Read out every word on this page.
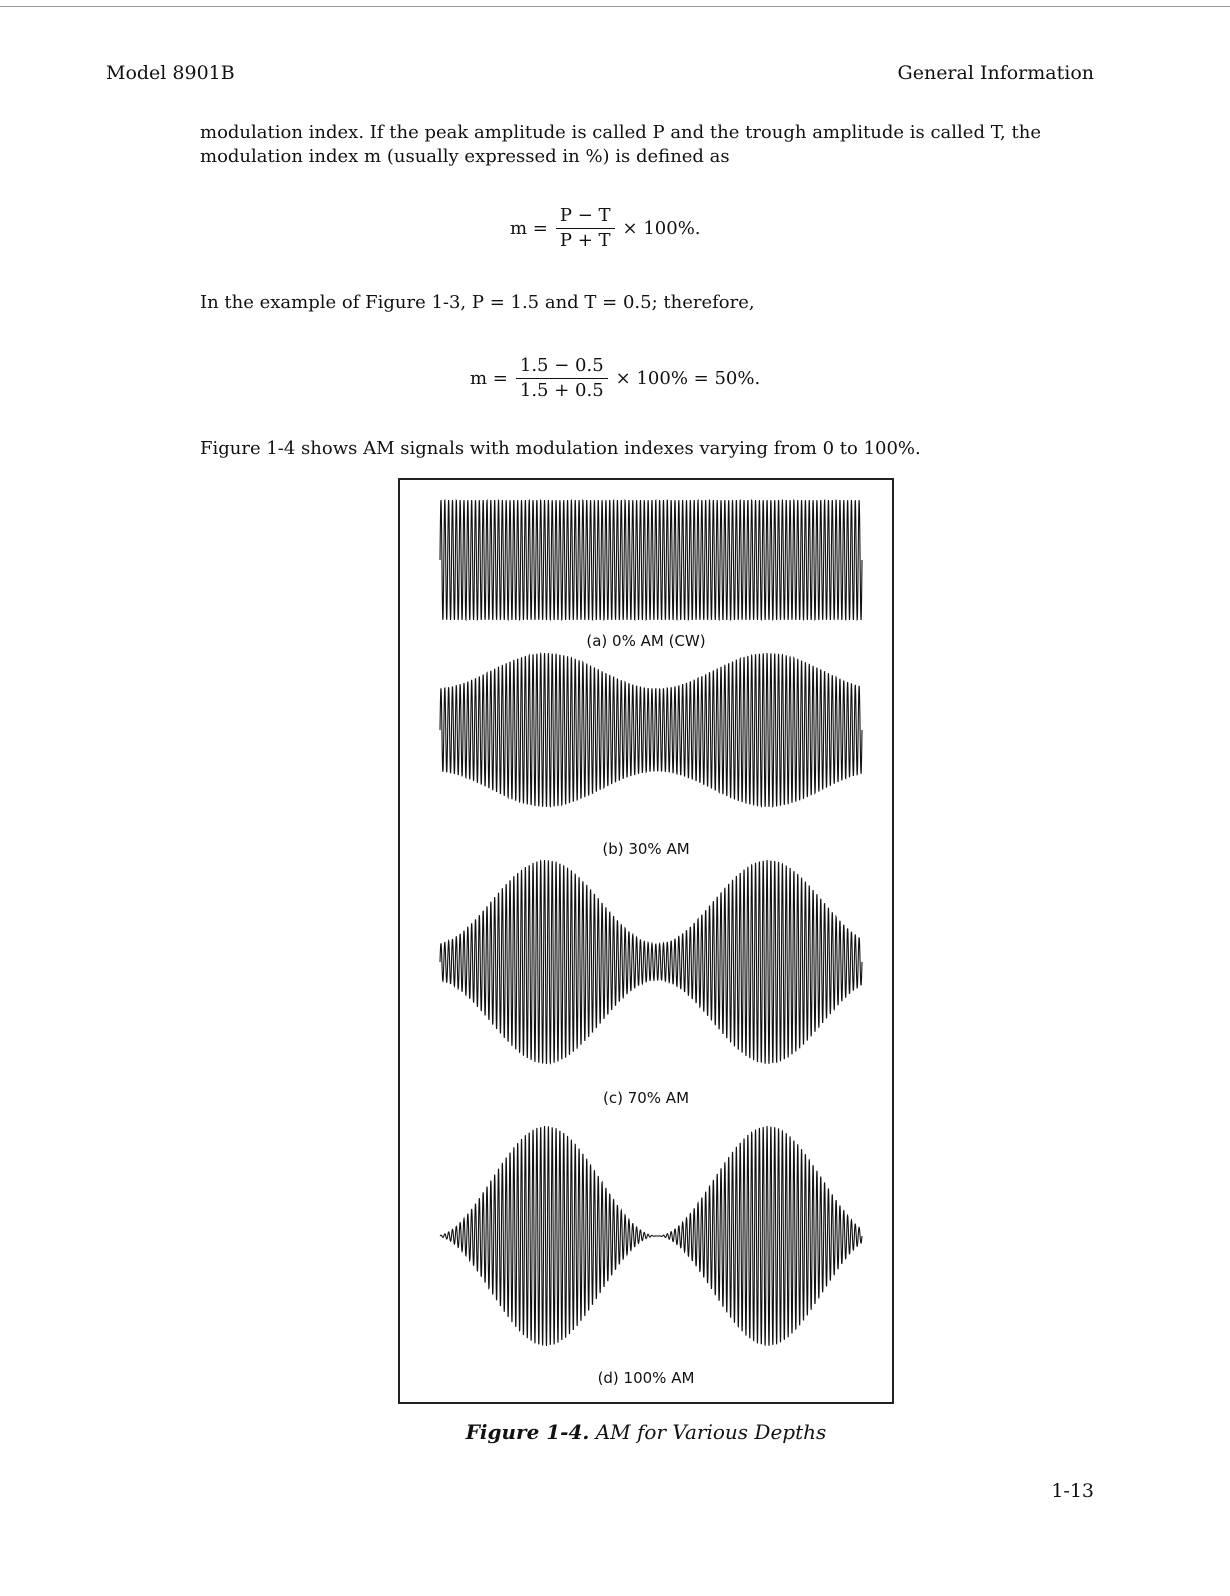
Model 8901B	General Information
modulation index. If the peak amplitude is called P and the trough amplitude is called T, the modulation index m (usually expressed in %) is defined as
$m = \frac{P - T}{P + T} \times 100\%$.
In the example of Figure 1-3, P = 1.5 and T = 0.5; therefore,
$m = \frac{1.5 - 0.5}{1.5 + 0.5} \times 100\% = 50\%$.
Figure 1-4 shows AM signals with modulation indexes varying from 0 to 100%.
(a) 0% AM (CW)
(b) 30% AM
(c) 70% AM
(d) 100% AM
Figure 1-4. AM for Various Depths
1-13
